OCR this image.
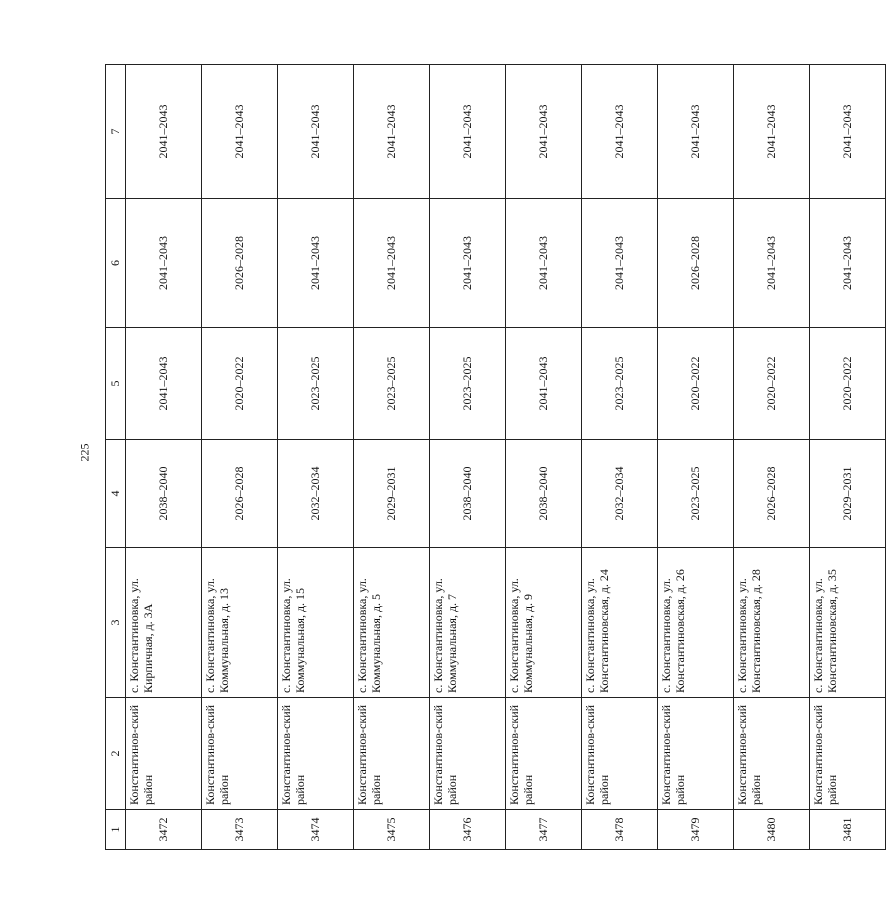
225
1	2	3	4	5	6	7
3472	Константинов-ский район	с. Константиновка, ул. Кирпичная, д. 3А	2038–2040	2041–2043	2041–2043	2041–2043
3473	Константинов-ский район	с. Константиновка, ул. Коммунальная, д. 13	2026–2028	2020–2022	2026–2028	2041–2043
3474	Константинов-ский район	с. Константиновка, ул. Коммунальная, д. 15	2032–2034	2023–2025	2041–2043	2041–2043
3475	Константинов-ский район	с. Константиновка, ул. Коммунальная, д. 5	2029–2031	2023–2025	2041–2043	2041–2043
3476	Константинов-ский район	с. Константиновка, ул. Коммунальная, д. 7	2038–2040	2023–2025	2041–2043	2041–2043
3477	Константинов-ский район	с. Константиновка, ул. Коммунальная, д. 9	2038–2040	2041–2043	2041–2043	2041–2043
3478	Константинов-ский район	с. Константиновка, ул. Константиновская, д. 24	2032–2034	2023–2025	2041–2043	2041–2043
3479	Константинов-ский район	с. Константиновка, ул. Константиновская, д. 26	2023–2025	2020–2022	2026–2028	2041–2043
3480	Константинов-ский район	с. Константиновка, ул. Константиновская, д. 28	2026–2028	2020–2022	2041–2043	2041–2043
3481	Константинов-ский район	с. Константиновка, ул. Константиновская, д. 35	2029–2031	2020–2022	2041–2043	2041–2043
